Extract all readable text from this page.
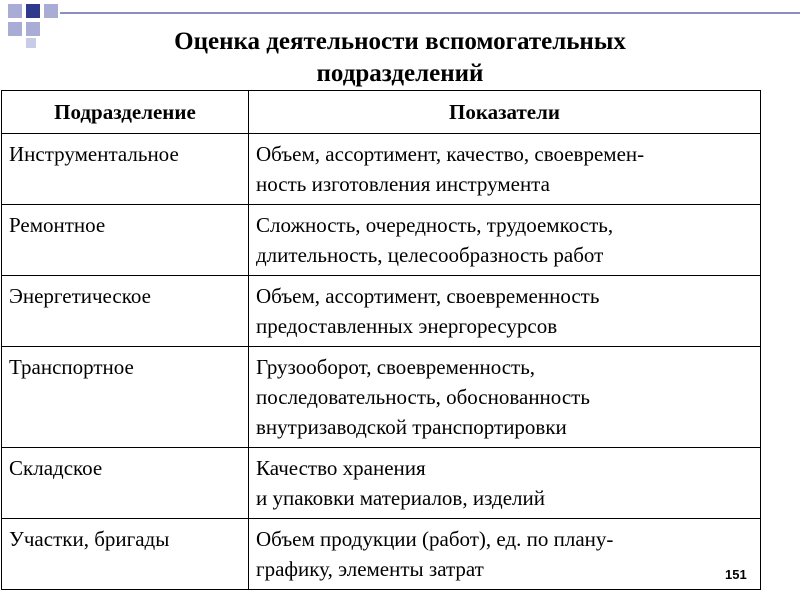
Оценка деятельности вспомогательных
подразделений
Подразделение	Показатели
Инструментальное	Объем, ассортимент, качество, своевремен-
ность изготовления инструмента

Ремонтное	Сложность, очередность, трудоемкость,
длительность, целесообразность работ

Энергетическое	Объем, ассортимент, своевременность
предоставленных энергоресурсов

Транспортное	Грузооборот, своевременность,
последовательность, обоснованность
внутризаводской транспортировки

Складское	Качество хранения
и упаковки материалов, изделий

Участки, бригады	Объем продукции (работ), ед. по плану-
графику, элементы затрат	151
